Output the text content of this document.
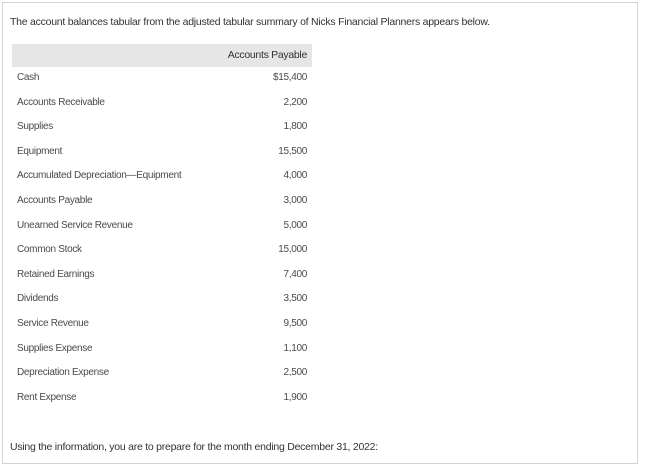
The account balances tabular from the adjusted tabular summary of Nicks Financial Planners appears below.
Accounts Payable
Cash	$15,400
Accounts Receivable	2,200
Supplies	1,800
Equipment	15,500
Accumulated Depreciation—Equipment	4,000
Accounts Payable	3,000
Unearned Service Revenue	5,000
Common Stock	15,000
Retained Earnings	7,400
Dividends	3,500
Service Revenue	9,500
Supplies Expense	1,100
Depreciation Expense	2,500
Rent Expense	1,900
Using the information, you are to prepare for the month ending December 31, 2022:
